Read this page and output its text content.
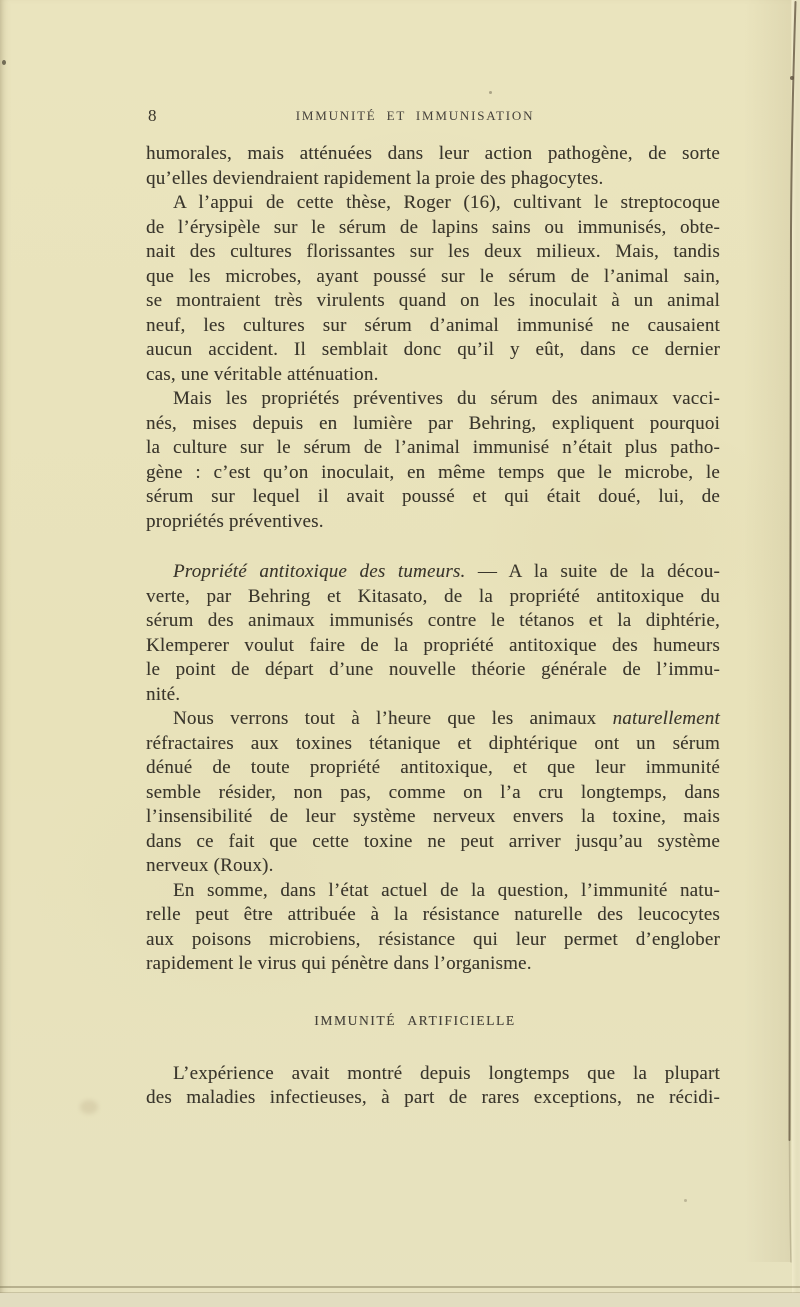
8	IMMUNITÉ ET IMMUNISATION
humorales, mais atténuées dans leur action pathogène, de sorte
qu’elles deviendraient rapidement la proie des phagocytes.
A l’appui de cette thèse, Roger (16), cultivant le streptocoque
de l’érysipèle sur le sérum de lapins sains ou immunisés, obte-
nait des cultures florissantes sur les deux milieux. Mais, tandis
que les microbes, ayant poussé sur le sérum de l’animal sain,
se montraient très virulents quand on les inoculait à un animal
neuf, les cultures sur sérum d’animal immunisé ne causaient
aucun accident. Il semblait donc qu’il y eût, dans ce dernier
cas, une véritable atténuation.
Mais les propriétés préventives du sérum des animaux vacci-
nés, mises depuis en lumière par Behring, expliquent pourquoi
la culture sur le sérum de l’animal immunisé n’était plus patho-
gène : c’est qu’on inoculait, en même temps que le microbe, le
sérum sur lequel il avait poussé et qui était doué, lui, de
propriétés préventives.
Propriété antitoxique des tumeurs. — A la suite de la décou-
verte, par Behring et Kitasato, de la propriété antitoxique du
sérum des animaux immunisés contre le tétanos et la diphtérie,
Klemperer voulut faire de la propriété antitoxique des humeurs
le point de départ d’une nouvelle théorie générale de l’immu-
nité.
Nous verrons tout à l’heure que les animaux naturellement
réfractaires aux toxines tétanique et diphtérique ont un sérum
dénué de toute propriété antitoxique, et que leur immunité
semble résider, non pas, comme on l’a cru longtemps, dans
l’insensibilité de leur système nerveux envers la toxine, mais
dans ce fait que cette toxine ne peut arriver jusqu’au système
nerveux (Roux).
En somme, dans l’état actuel de la question, l’immunité natu-
relle peut être attribuée à la résistance naturelle des leucocytes
aux poisons microbiens, résistance qui leur permet d’englober
rapidement le virus qui pénètre dans l’organisme.
IMMUNITÉ ARTIFICIELLE
L’expérience avait montré depuis longtemps que la plupart
des maladies infectieuses, à part de rares exceptions, ne récidi-
